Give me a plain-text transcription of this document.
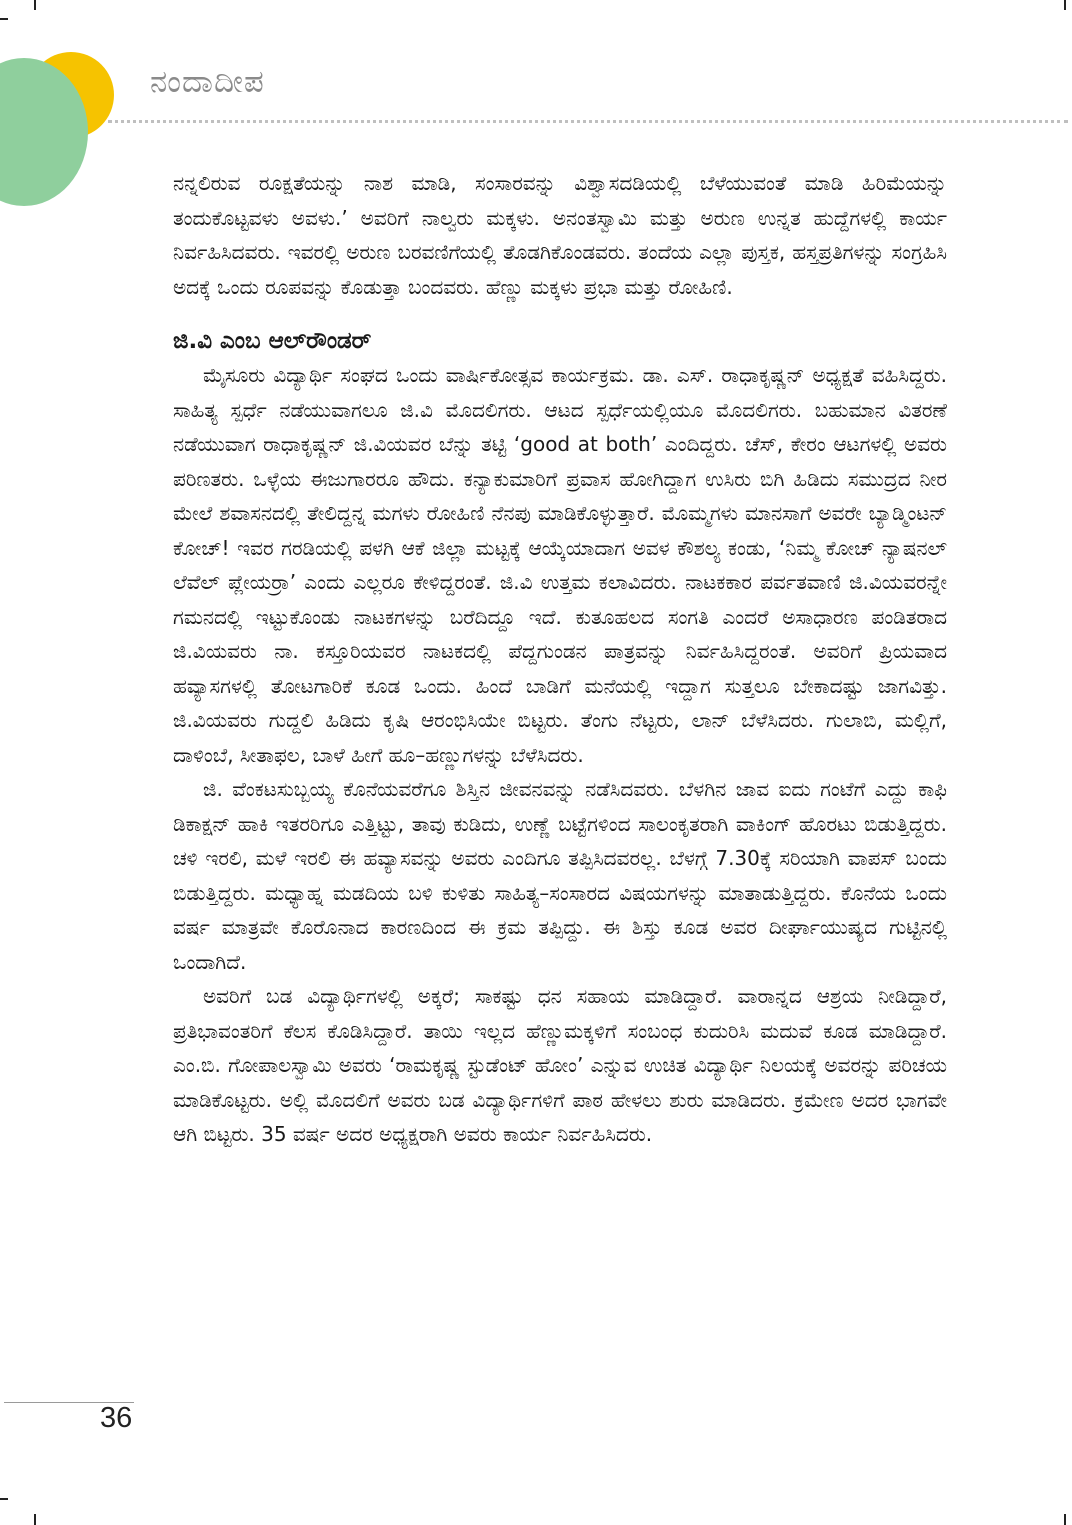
ನಂದಾದೀಪ

ನನ್ನಲಿರುವ ರೂಕ್ಷತೆಯನ್ನು ನಾಶ ಮಾಡಿ, ಸಂಸಾರವನ್ನು ವಿಶ್ವಾಸದಡಿಯಲ್ಲಿ ಬೆಳೆಯುವಂತೆ ಮಾಡಿ ಹಿರಿಮೆಯನ್ನು ತಂದುಕೊಟ್ಟವಳು ಅವಳು.’ ಅವರಿಗೆ ನಾಲ್ವರು ಮಕ್ಕಳು. ಅನಂತಸ್ವಾಮಿ ಮತ್ತು ಅರುಣ ಉನ್ನತ ಹುದ್ದೆಗಳಲ್ಲಿ ಕಾರ್ಯ ನಿರ್ವಹಿಸಿದವರು. ಇವರಲ್ಲಿ ಅರುಣ ಬರವಣಿಗೆಯಲ್ಲಿ ತೊಡಗಿಕೊಂಡವರು. ತಂದೆಯ ಎಲ್ಲಾ ಪುಸ್ತಕ, ಹಸ್ತಪ್ರತಿಗಳನ್ನು ಸಂಗ್ರಹಿಸಿ ಅದಕ್ಕೆ ಒಂದು ರೂಪವನ್ನು ಕೊಡುತ್ತಾ ಬಂದವರು. ಹೆಣ್ಣು ಮಕ್ಕಳು ಪ್ರಭಾ ಮತ್ತು ರೋಹಿಣಿ.

ಜಿ.ವಿ ಎಂಬ ಆಲ್‌ರೌಂಡರ್

ಮೈಸೂರು ವಿದ್ಯಾರ್ಥಿ ಸಂಘದ ಒಂದು ವಾರ್ಷಿಕೋತ್ಸವ ಕಾರ್ಯಕ್ರಮ. ಡಾ. ಎಸ್. ರಾಧಾಕೃಷ್ಣನ್ ಅಧ್ಯಕ್ಷತೆ ವಹಿಸಿದ್ದರು. ಸಾಹಿತ್ಯ ಸ್ಪರ್ಧೆ ನಡೆಯುವಾಗಲೂ ಜಿ.ವಿ ಮೊದಲಿಗರು. ಆಟದ ಸ್ಪರ್ಧೆಯಲ್ಲಿಯೂ ಮೊದಲಿಗರು. ಬಹುಮಾನ ವಿತರಣೆ ನಡೆಯುವಾಗ ರಾಧಾಕೃಷ್ಣನ್ ಜಿ.ವಿಯವರ ಬೆನ್ನು ತಟ್ಟಿ ‘good at both’ ಎಂದಿದ್ದರು. ಚೆಸ್, ಕೇರಂ ಆಟಗಳಲ್ಲಿ ಅವರು ಪರಿಣತರು. ಒಳ್ಳೆಯ ಈಜುಗಾರರೂ ಹೌದು. ಕನ್ಯಾಕುಮಾರಿಗೆ ಪ್ರವಾಸ ಹೋಗಿದ್ದಾಗ ಉಸಿರು ಬಿಗಿ ಹಿಡಿದು ಸಮುದ್ರದ ನೀರ ಮೇಲೆ ಶವಾಸನದಲ್ಲಿ ತೇಲಿದ್ದನ್ನ ಮಗಳು ರೋಹಿಣಿ ನೆನಪು ಮಾಡಿಕೊಳ್ಳುತ್ತಾರೆ. ಮೊಮ್ಮಗಳು ಮಾನಸಾಗೆ ಅವರೇ ಬ್ಯಾಡ್ಮಿಂಟನ್ ಕೋಚ್! ಇವರ ಗರಡಿಯಲ್ಲಿ ಪಳಗಿ ಆಕೆ ಜಿಲ್ಲಾ ಮಟ್ಟಕ್ಕೆ ಆಯ್ಕೆಯಾದಾಗ ಅವಳ ಕೌಶಲ್ಯ ಕಂಡು, ‘ನಿಮ್ಮ ಕೋಚ್ ನ್ಯಾಷನಲ್ ಲೆವೆಲ್ ಪ್ಲೇಯರ್ರಾ’ ಎಂದು ಎಲ್ಲರೂ ಕೇಳಿದ್ದರಂತೆ. ಜಿ.ವಿ ಉತ್ತಮ ಕಲಾವಿದರು. ನಾಟಕಕಾರ ಪರ್ವತವಾಣಿ ಜಿ.ವಿಯವರನ್ನೇ ಗಮನದಲ್ಲಿ ಇಟ್ಟುಕೊಂಡು ನಾಟಕಗಳನ್ನು ಬರೆದಿದ್ದೂ ಇದೆ. ಕುತೂಹಲದ ಸಂಗತಿ ಎಂದರೆ ಅಸಾಧಾರಣ ಪಂಡಿತರಾದ ಜಿ.ವಿಯವರು ನಾ. ಕಸ್ತೂರಿಯವರ ನಾಟಕದಲ್ಲಿ ಪೆದ್ದಗುಂಡನ ಪಾತ್ರವನ್ನು ನಿರ್ವಹಿಸಿದ್ದರಂತೆ. ಅವರಿಗೆ ಪ್ರಿಯವಾದ ಹವ್ಯಾಸಗಳಲ್ಲಿ ತೋಟಗಾರಿಕೆ ಕೂಡ ಒಂದು. ಹಿಂದೆ ಬಾಡಿಗೆ ಮನೆಯಲ್ಲಿ ಇದ್ದಾಗ ಸುತ್ತಲೂ ಬೇಕಾದಷ್ಟು ಜಾಗವಿತ್ತು. ಜಿ.ವಿಯವರು ಗುದ್ದಲಿ ಹಿಡಿದು ಕೃಷಿ ಆರಂಭಿಸಿಯೇ ಬಿಟ್ಟರು. ತೆಂಗು ನೆಟ್ಟರು, ಲಾನ್ ಬೆಳೆಸಿದರು. ಗುಲಾಬಿ, ಮಲ್ಲಿಗೆ, ದಾಳಿಂಬೆ, ಸೀತಾಫಲ, ಬಾಳೆ ಹೀಗೆ ಹೂ–ಹಣ್ಣುಗಳನ್ನು ಬೆಳೆಸಿದರು.

ಜಿ. ವೆಂಕಟಸುಬ್ಬಯ್ಯ ಕೊನೆಯವರೆಗೂ ಶಿಸ್ತಿನ ಜೀವನವನ್ನು ನಡೆಸಿದವರು. ಬೆಳಗಿನ ಜಾವ ಐದು ಗಂಟೆಗೆ ಎದ್ದು ಕಾಫಿ ಡಿಕಾಕ್ಷನ್ ಹಾಕಿ ಇತರರಿಗೂ ಎತ್ತಿಟ್ಟು, ತಾವು ಕುಡಿದು, ಉಣ್ಣೆ ಬಟ್ಟೆಗಳಿಂದ ಸಾಲಂಕೃತರಾಗಿ ವಾಕಿಂಗ್ ಹೊರಟು ಬಿಡುತ್ತಿದ್ದರು. ಚಳಿ ಇರಲಿ, ಮಳೆ ಇರಲಿ ಈ ಹವ್ಯಾಸವನ್ನು ಅವರು ಎಂದಿಗೂ ತಪ್ಪಿಸಿದವರಲ್ಲ. ಬೆಳಗ್ಗೆ 7.30ಕ್ಕೆ ಸರಿಯಾಗಿ ವಾಪಸ್ ಬಂದು ಬಿಡುತ್ತಿದ್ದರು. ಮಧ್ಯಾಹ್ನ ಮಡದಿಯ ಬಳಿ ಕುಳಿತು ಸಾಹಿತ್ಯ–ಸಂಸಾರದ ವಿಷಯಗಳನ್ನು ಮಾತಾಡುತ್ತಿದ್ದರು. ಕೊನೆಯ ಒಂದು ವರ್ಷ ಮಾತ್ರವೇ ಕೊರೊನಾದ ಕಾರಣದಿಂದ ಈ ಕ್ರಮ ತಪ್ಪಿದ್ದು. ಈ ಶಿಸ್ತು ಕೂಡ ಅವರ ದೀರ್ಘಾಯುಷ್ಯದ ಗುಟ್ಟಿನಲ್ಲಿ ಒಂದಾಗಿದೆ.

ಅವರಿಗೆ ಬಡ ವಿದ್ಯಾರ್ಥಿಗಳಲ್ಲಿ ಅಕ್ಕರೆ; ಸಾಕಷ್ಟು ಧನ ಸಹಾಯ ಮಾಡಿದ್ದಾರೆ. ವಾರಾನ್ನದ ಆಶ್ರಯ ನೀಡಿದ್ದಾರೆ, ಪ್ರತಿಭಾವಂತರಿಗೆ ಕೆಲಸ ಕೊಡಿಸಿದ್ದಾರೆ. ತಾಯಿ ಇಲ್ಲದ ಹೆಣ್ಣುಮಕ್ಕಳಿಗೆ ಸಂಬಂಧ ಕುದುರಿಸಿ ಮದುವೆ ಕೂಡ ಮಾಡಿದ್ದಾರೆ. ಎಂ.ಬಿ. ಗೋಪಾಲಸ್ವಾಮಿ ಅವರು ‘ರಾಮಕೃಷ್ಣ ಸ್ಟುಡೆಂಟ್ ಹೋಂ’ ಎನ್ನುವ ಉಚಿತ ವಿದ್ಯಾರ್ಥಿ ನಿಲಯಕ್ಕೆ ಅವರನ್ನು ಪರಿಚಯ ಮಾಡಿಕೊಟ್ಟರು. ಅಲ್ಲಿ ಮೊದಲಿಗೆ ಅವರು ಬಡ ವಿದ್ಯಾರ್ಥಿಗಳಿಗೆ ಪಾಠ ಹೇಳಲು ಶುರು ಮಾಡಿದರು. ಕ್ರಮೇಣ ಅದರ ಭಾಗವೇ ಆಗಿ ಬಿಟ್ಟರು. 35 ವರ್ಷ ಅದರ ಅಧ್ಯಕ್ಷರಾಗಿ ಅವರು ಕಾರ್ಯ ನಿರ್ವಹಿಸಿದರು.

36
